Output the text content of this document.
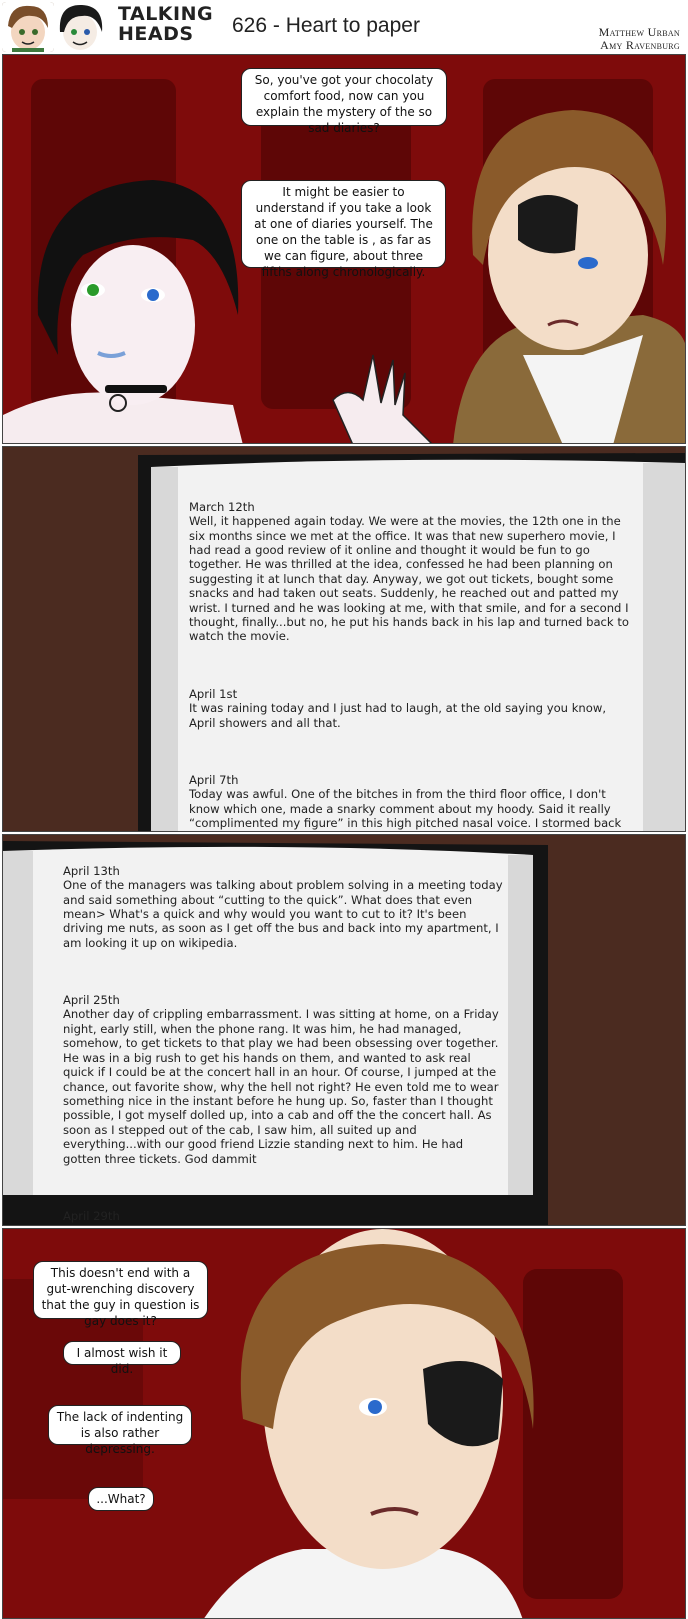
TALKING
HEADS	626 - Heart to paper	Matthew Urban
Amy Ravenburg
So, you've got your chocolaty comfort food, now can you explain the mystery of the so sad diaries?
It might be easier to understand if you take a look at one of diaries yourself. The one on the table is , as far as we can figure, about three fifths along chronologically.

March 12th
Well, it happened again today. We were at the movies, the 12th one in the six months since we met at the office. It was that new superhero movie, I had read a good review of it online and thought it would be fun to go together. He was thrilled at the idea, confessed he had been planning on suggesting it at lunch that day. Anyway, we got out tickets, bought some snacks and had taken out seats. Suddenly, he reached out and patted my wrist. I turned and he was looking at me, with that smile, and for a second I thought, finally...but no, he put his hands back in his lap and turned back to watch the movie.

April 1st
It was raining today and I just had to laugh, at the old saying you know, April showers and all that.

April 7th
Today was awful. One of the bitches in from the third floor office, I don't know which one, made a snarky comment about my hoody. Said it really “complimented my figure” in this high pitched nasal voice. I stormed back

April 13th
One of the managers was talking about problem solving in a meeting today and said something about “cutting to the quick”. What does that even mean> What's a quick and why would you want to cut to it? It's been driving me nuts, as soon as I get off the bus and back into my apartment, I am looking it up on wikipedia.

April 25th
Another day of crippling embarrassment. I was sitting at home, on a Friday night, early still, when the phone rang. It was him, he had managed, somehow, to get tickets to that play we had been obsessing over together. He was in a big rush to get his hands on them, and wanted to ask real quick if I could be at the concert hall in an hour. Of course, I jumped at the chance, out favorite show, why the hell not right? He even told me to wear something nice in the instant before he hung up. So, faster than I thought possible, I got myself dolled up, into a cab and off the the concert hall. As soon as I stepped out of the cab, I saw him, all suited up and everything...with our good friend Lizzie standing next to him. He had gotten three tickets. God dammit

April 29th

This doesn't end with a gut-wrenching discovery that the guy in question is gay does it?
I almost wish it did.
The lack of indenting is also rather depressing.
...What?
